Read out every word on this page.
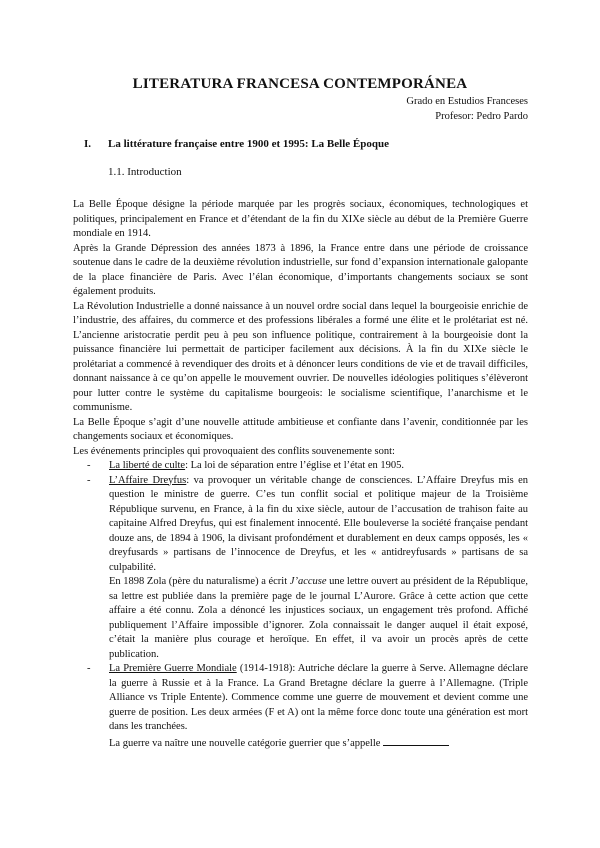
LITERATURA FRANCESA CONTEMPORÁNEA
Grado en Estudios Franceses
Profesor: Pedro Pardo
I. La littérature française entre 1900 et 1995: La Belle Époque
1.1. Introduction

La Belle Époque désigne la période marquée par les progrès sociaux, économiques, technologiques et politiques, principalement en France et d’étendant de la fin du XIXe siècle au début de la Première Guerre mondiale en 1914.

Après la Grande Dépression des années 1873 à 1896, la France entre dans une période de croissance soutenue dans le cadre de la deuxième révolution industrielle, sur fond d’expansion internationale galopante de la place financière de Paris. Avec l’élan économique, d’importants changements sociaux se sont également produits.

La Révolution Industrielle a donné naissance à un nouvel ordre social dans lequel la bourgeoisie enrichie de l’industrie, des affaires, du commerce et des professions libérales a formé une élite et le prolétariat est né. L’ancienne aristocratie perdit peu à peu son influence politique, contrairement à la bourgeoisie dont la puissance financière lui permettait de participer facilement aux décisions. À la fin du XIXe siècle le prolétariat a commencé à revendiquer des droits et à dénoncer leurs conditions de vie et de travail difficiles, donnant naissance à ce qu’on appelle le mouvement ouvrier. De nouvelles idéologies politiques s’élèveront pour lutter contre le système du capitalisme bourgeois: le socialisme scientifique, l’anarchisme et le communisme.

La Belle Époque s’agit d’une nouvelle attitude ambitieuse et confiante dans l’avenir, conditionnée par les changements sociaux et économiques.

Les événements principles qui provoquaient des conflits souvenemente sont:

- La liberté de culte: La loi de séparation entre l’église et l’état en 1905.
- L’Affaire Dreyfus: va provoquer un véritable change de consciences. L’Affaire Dreyfus mis en question le ministre de guerre. C’es tun conflit social et politique majeur de la Troisième République survenu, en France, à la fin du xixe siècle, autour de l’accusation de trahison faite au capitaine Alfred Dreyfus, qui est finalement innocenté. Elle bouleverse la société française pendant douze ans, de 1894 à 1906, la divisant profondément et durablement en deux camps opposés, les « dreyfusards » partisans de l’innocence de Dreyfus, et les « antidreyfusards » partisans de sa culpabilité.
En 1898 Zola (père du naturalisme) a écrit J’accuse une lettre ouvert au président de la République, sa lettre est publiée dans la première page de le journal L’Aurore. Grâce à cette action que cette affaire a été connu. Zola a dénoncé les injustices sociaux, un engagement très profond. Affiché publiquement l’Affaire impossible d’ignorer. Zola connaissait le danger auquel il était exposé, c’était la manière plus courage et heroïque. En effet, il va avoir un procès après de cette publication.
- La Première Guerre Mondiale (1914-1918): Autriche déclare la guerre à Serve. Allemagne déclare la guerre à Russie et à la France. La Grand Bretagne déclare la guerre à l’Allemagne. (Triple Alliance vs Triple Entente). Commence comme une guerre de mouvement et devient comme une guerre de position. Les deux armées (F et A) ont la même force donc toute una génération est mort dans les tranchées.
La guerre va naître une nouvelle catégorie guerrier que s’appelle
